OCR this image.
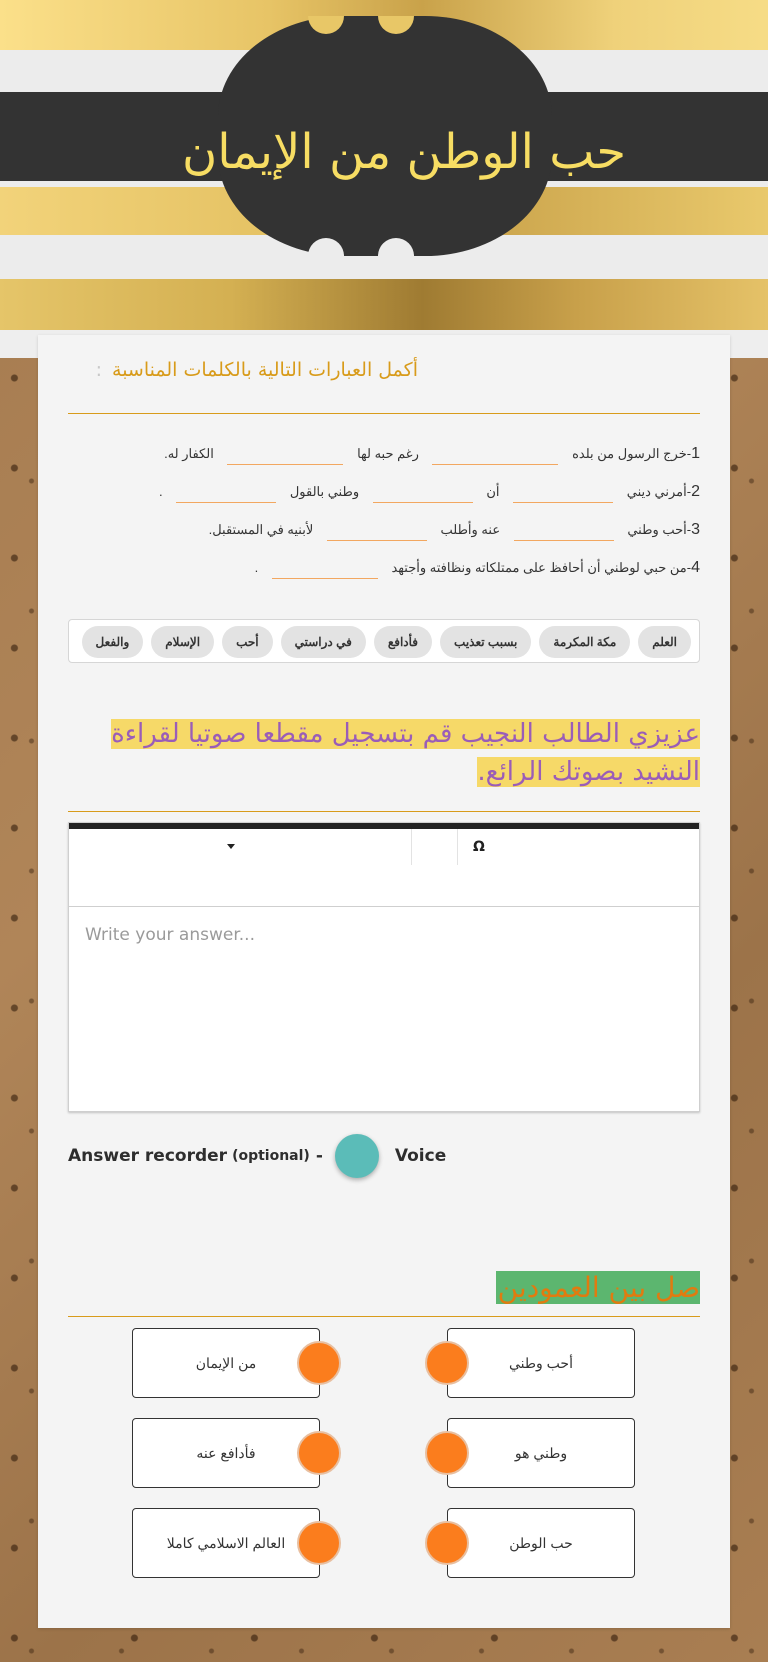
حب الوطن من الإيمان
أكمل العبارات التالية بالكلمات المناسبة :
1-خرج الرسول من بلده  رغم حبه لها  الكفار له.
2-أمرني ديني  أن  وطني بالقول  .
3-أحب وطني  عنه وأطلب  لأبنيه في المستقبل.
4-من حبي لوطني أن أحافظ على ممتلكاته ونظافته وأجتهد  .
العلم
مكة المكرمة
بسبب تعذيب
فأدافع
في دراستي
أحب
الإسلام
والفعل
عزيزي الطالب النجيب قم بتسجيل مقطعا صوتيا لقراءة النشيد بصوتك الرائع.
Ω
Write your answer...
Answer recorder (optional) -	Voice
صل بين العمودين
أحب وطني
وطني هو
حب الوطن
من الإيمان
فأدافع عنه
العالم الاسلامي كاملا
